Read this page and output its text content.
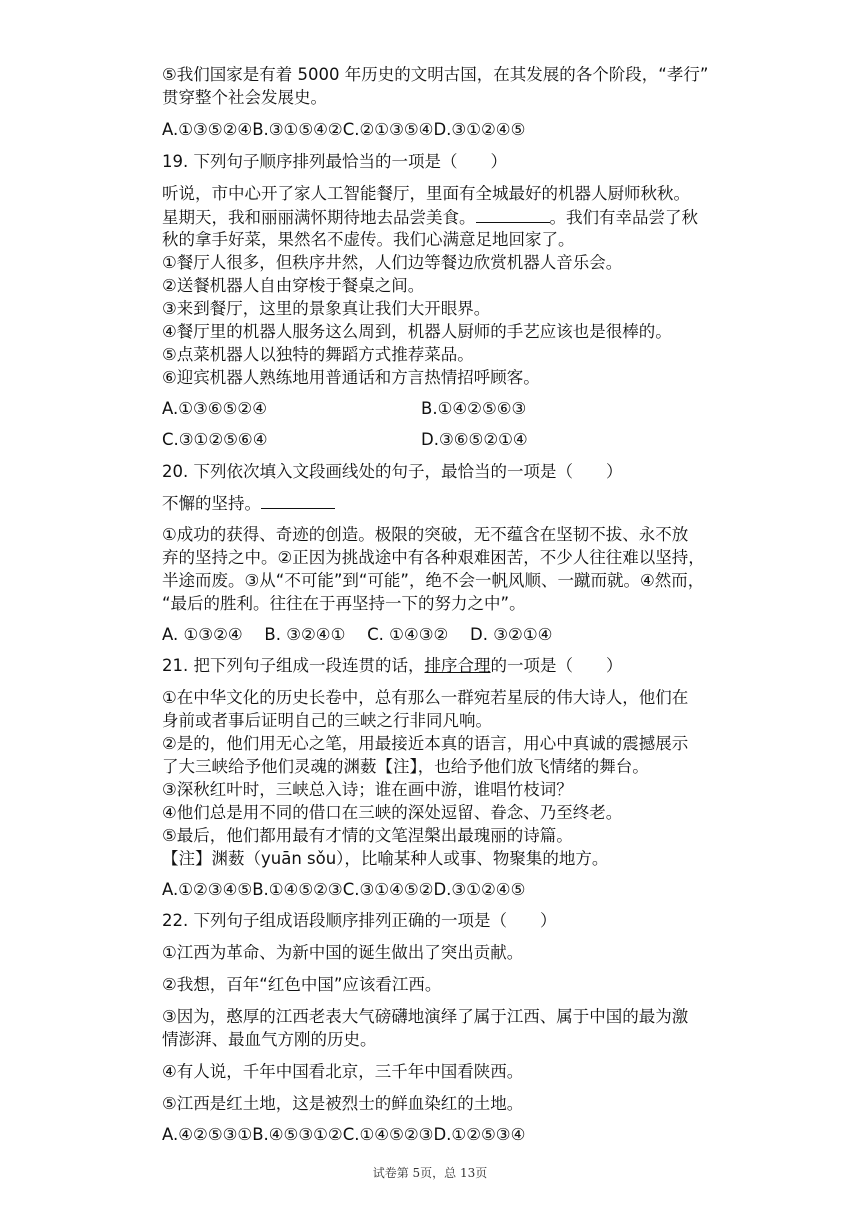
⑤我们国家是有着 5000 年历史的文明古国，在其发展的各个阶段，“孝行”
贯穿整个社会发展史。
A.①③⑤②④B.③①⑤④②C.②①③⑤④D.③①②④⑤
19. 下列句子顺序排列最恰当的一项是（　　）
听说，市中心开了家人工智能餐厅，里面有全城最好的机器人厨师秋秋。
星期天，我和丽丽满怀期待地去品尝美食。	。我们有幸品尝了秋
秋的拿手好菜，果然名不虚传。我们心满意足地回家了。
①餐厅人很多，但秩序井然，人们边等餐边欣赏机器人音乐会。
②送餐机器人自由穿梭于餐桌之间。
③来到餐厅，这里的景象真让我们大开眼界。
④餐厅里的机器人服务这么周到，机器人厨师的手艺应该也是很棒的。
⑤点菜机器人以独特的舞蹈方式推荐菜品。
⑥迎宾机器人熟练地用普通话和方言热情招呼顾客。
A.①③⑥⑤②④	B.①④②⑤⑥③
C.③①②⑤⑥④	D.③⑥⑤②①④
20. 下列依次填入文段画线处的句子，最恰当的一项是（　　）
不懈的坚持。
①成功的获得、奇迹的创造。极限的突破，无不蕴含在坚韧不拔、永不放
弃的坚持之中。②正因为挑战途中有各种艰难困苦，不少人往往难以坚持，
半途而废。③从“不可能”到“可能”，绝不会一帆风顺、一蹴而就。④然而，
“最后的胜利。往往在于再坚持一下的努力之中”。
A. ①③②④　 B. ③②④①　 C. ①④③②　 D. ③②①④
21. 把下列句子组成一段连贯的话，排序合理的一项是（　　）
①在中华文化的历史长卷中，总有那么一群宛若星辰的伟大诗人，他们在
身前或者事后证明自己的三峡之行非同凡响。
②是的，他们用无心之笔，用最接近本真的语言，用心中真诚的震撼展示
了大三峡给予他们灵魂的渊薮【注】，也给予他们放飞情绪的舞台。
③深秋红叶时，三峡总入诗；谁在画中游，谁唱竹枝词？
④他们总是用不同的借口在三峡的深处逗留、眷念、乃至终老。
⑤最后，他们都用最有才情的文笔涅槃出最瑰丽的诗篇。
【注】渊薮（yuān sǒu），比喻某种人或事、物聚集的地方。
A.①②③④⑤B.①④⑤②③C.③①④⑤②D.③①②④⑤
22. 下列句子组成语段顺序排列正确的一项是（　　）
①江西为革命、为新中国的诞生做出了突出贡献。
②我想，百年“红色中国”应该看江西。
③因为，憨厚的江西老表大气磅礴地演绎了属于江西、属于中国的最为激
情澎湃、最血气方刚的历史。
④有人说，千年中国看北京，三千年中国看陕西。
⑤江西是红土地，这是被烈士的鲜血染红的土地。
A.④②⑤③①B.④⑤③①②C.①④⑤②③D.①②⑤③④
试卷第 5页，总 13页
